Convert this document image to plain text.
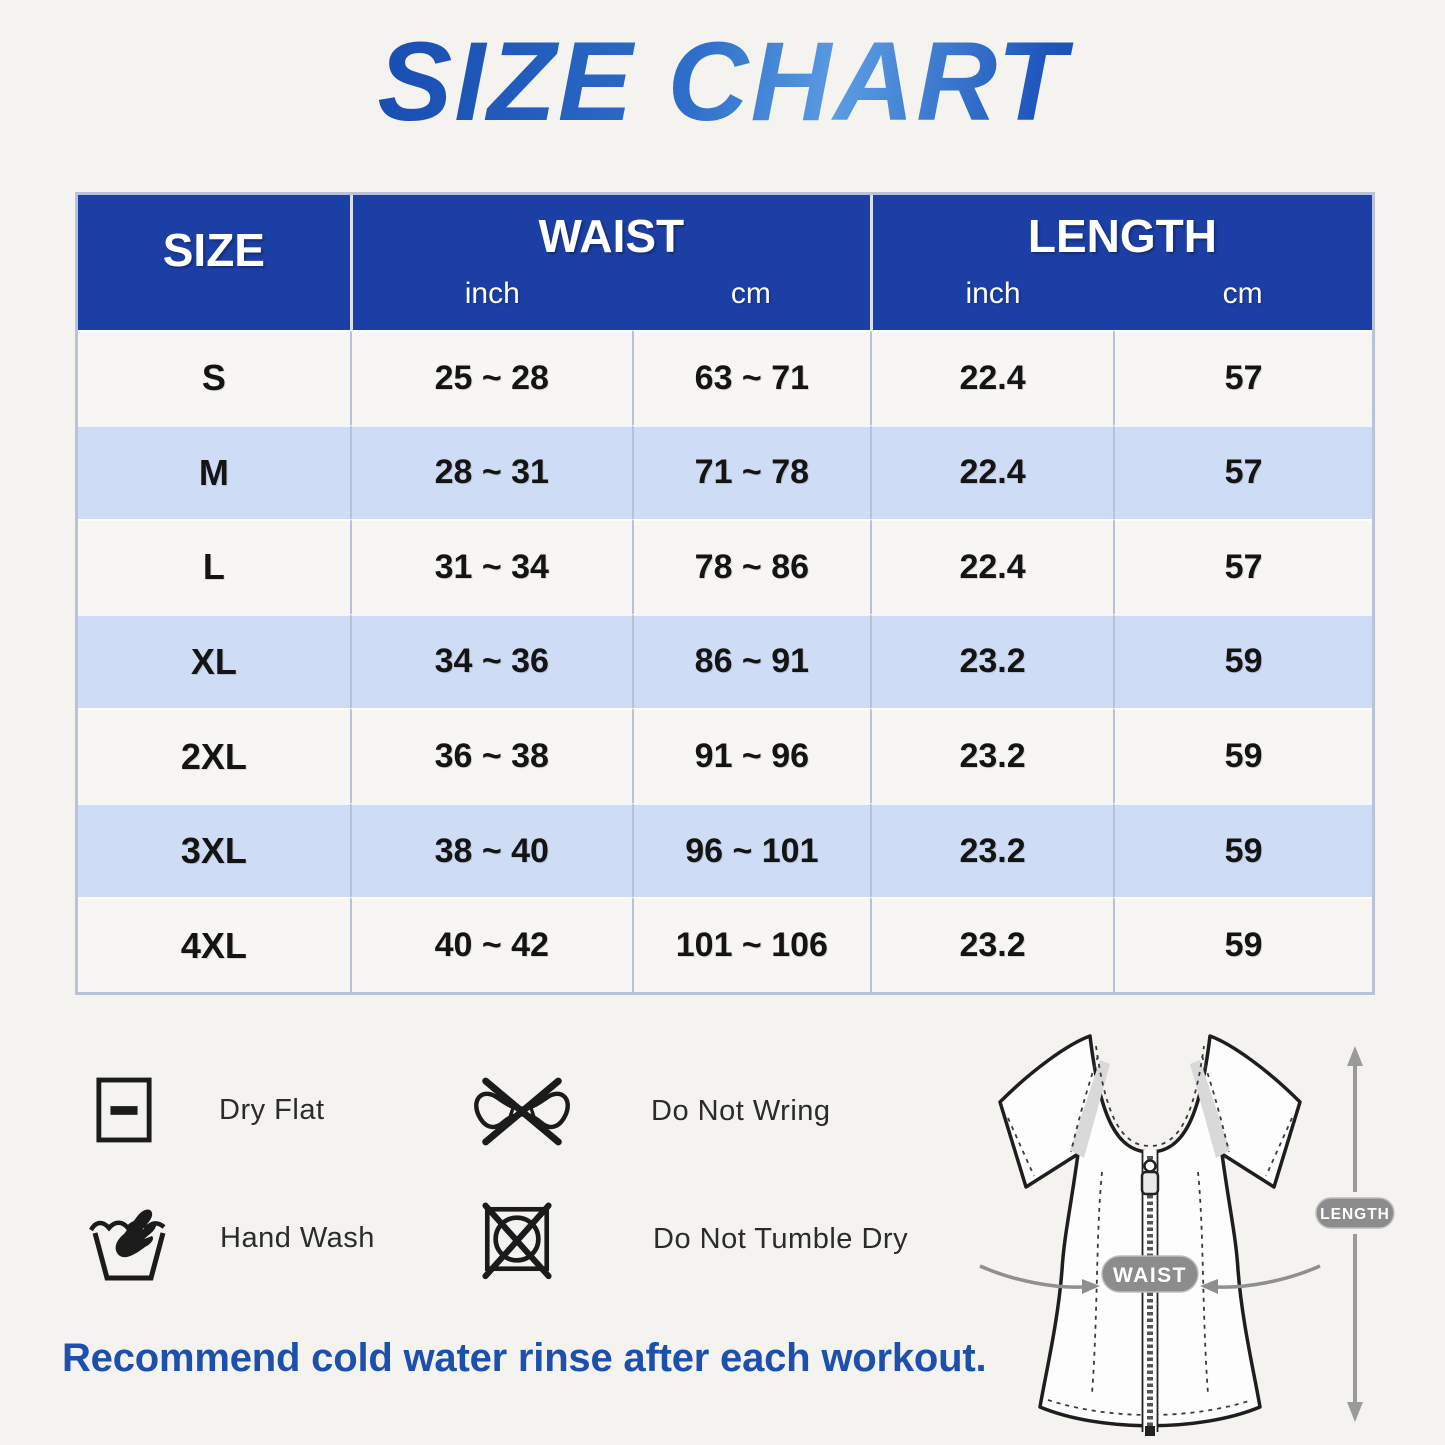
SIZE CHART
SIZE	WAIST	LENGTH
inch	cm	inch	cm
S	25 ~ 28	63 ~ 71	22.4	57
M	28 ~ 31	71 ~ 78	22.4	57
L	31 ~ 34	78 ~ 86	22.4	57
XL	34 ~ 36	86 ~ 91	23.2	59
2XL	36 ~ 38	91 ~ 96	23.2	59
3XL	38 ~ 40	96 ~ 101	23.2	59
4XL	40 ~ 42	101 ~ 106	23.2	59
Dry Flat	Do Not Wring
Hand Wash	Do Not Tumble Dry
WAIST
LENGTH
Recommend cold water rinse after each workout.
